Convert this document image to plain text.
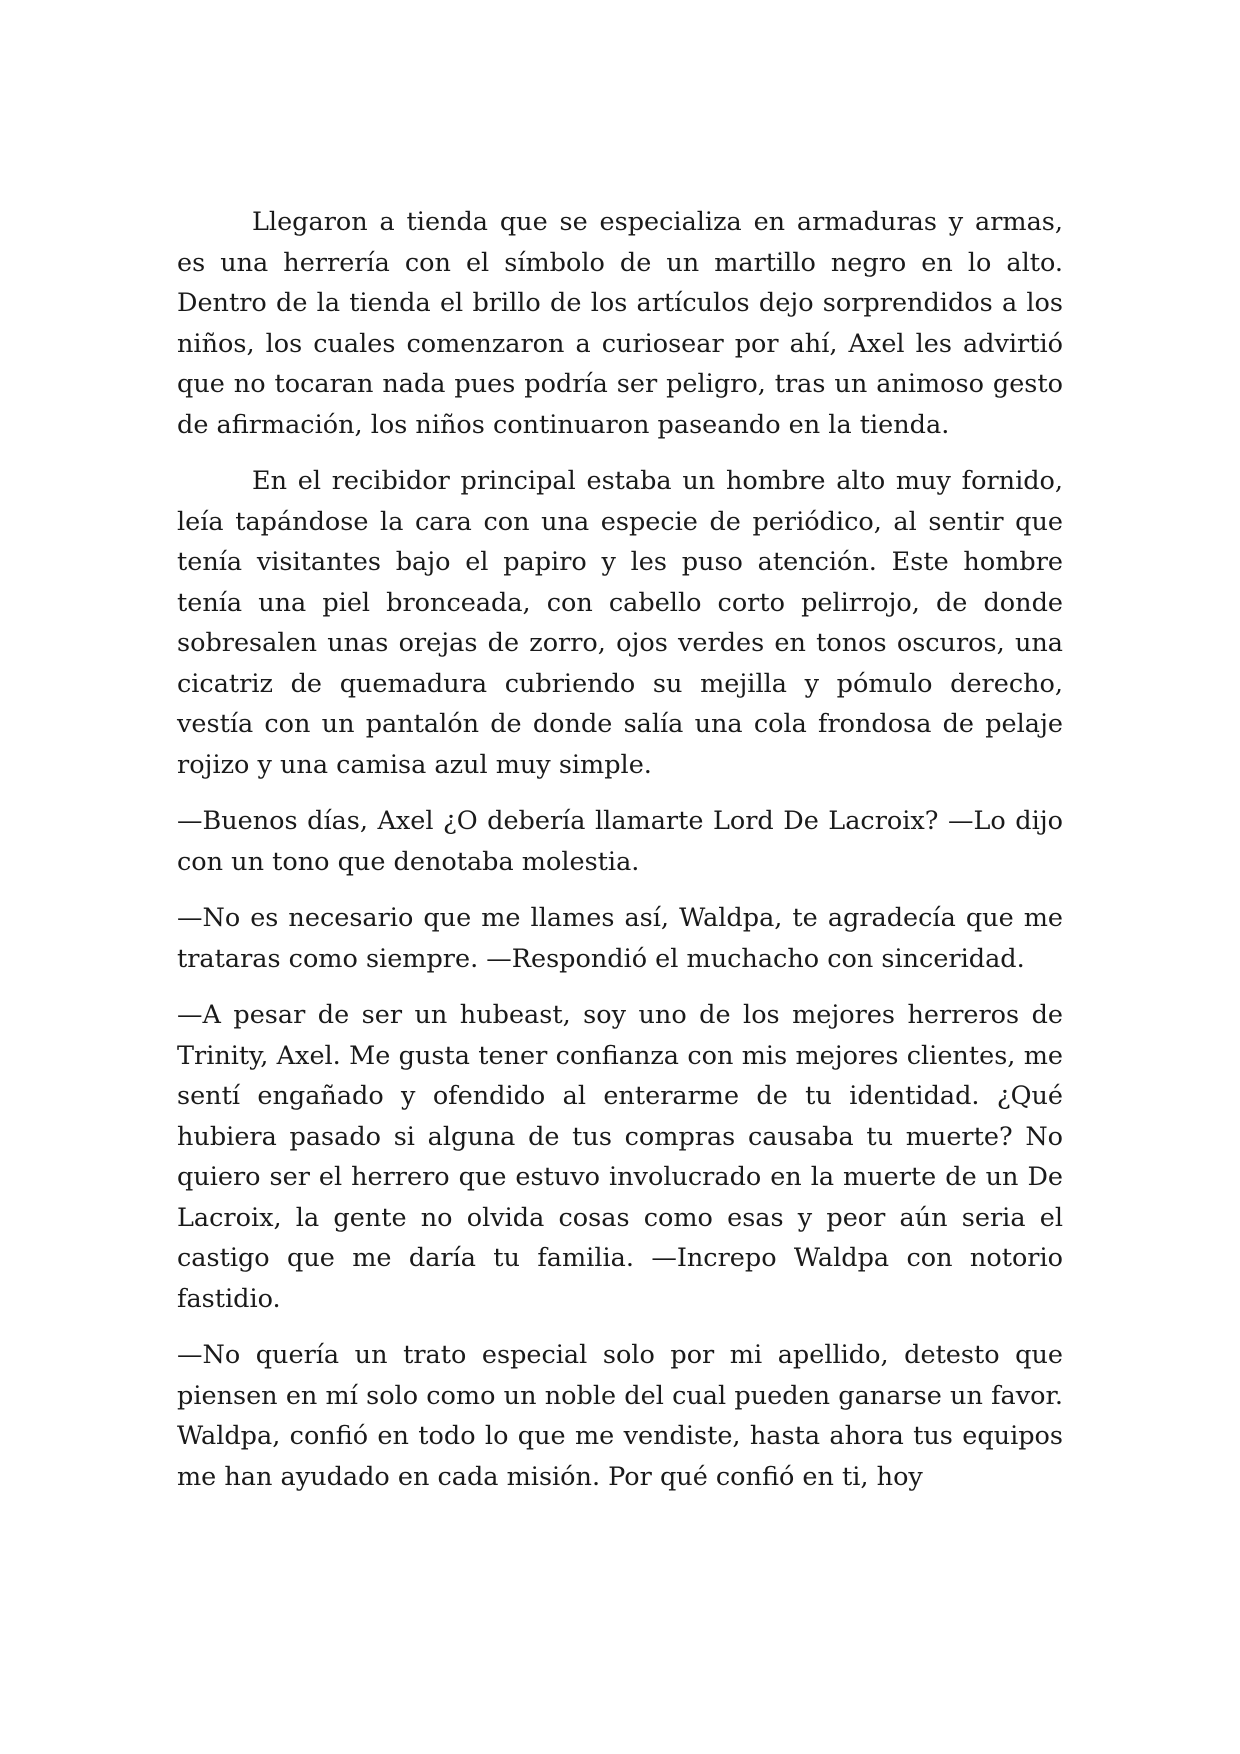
Llegaron a tienda que se especializa en armaduras y armas, es una herrería con el símbolo de un martillo negro en lo alto. Dentro de la tienda el brillo de los artículos dejo sorprendidos a los niños, los cuales comenzaron a curiosear por ahí, Axel les advirtió que no tocaran nada pues podría ser peligro, tras un animoso gesto de afirmación, los niños continuaron paseando en la tienda.

En el recibidor principal estaba un hombre alto muy fornido, leía tapándose la cara con una especie de periódico, al sentir que tenía visitantes bajo el papiro y les puso atención. Este hombre tenía una piel bronceada, con cabello corto pelirrojo, de donde sobresalen unas orejas de zorro, ojos verdes en tonos oscuros, una cicatriz de quemadura cubriendo su mejilla y pómulo derecho, vestía con un pantalón de donde salía una cola frondosa de pelaje rojizo y una camisa azul muy simple.

—Buenos días, Axel ¿O debería llamarte Lord De Lacroix? —Lo dijo con un tono que denotaba molestia.

—No es necesario que me llames así, Waldpa, te agradecía que me trataras como siempre. —Respondió el muchacho con sinceridad.

—A pesar de ser un hubeast, soy uno de los mejores herreros de Trinity, Axel. Me gusta tener confianza con mis mejores clientes, me sentí engañado y ofendido al enterarme de tu identidad. ¿Qué hubiera pasado si alguna de tus compras causaba tu muerte? No quiero ser el herrero que estuvo involucrado en la muerte de un De Lacroix, la gente no olvida cosas como esas y peor aún seria el castigo que me daría tu familia. —Increpo Waldpa con notorio fastidio.

—No quería un trato especial solo por mi apellido, detesto que piensen en mí solo como un noble del cual pueden ganarse un favor. Waldpa, confió en todo lo que me vendiste, hasta ahora tus equipos me han ayudado en cada misión. Por qué confió en ti, hoy
